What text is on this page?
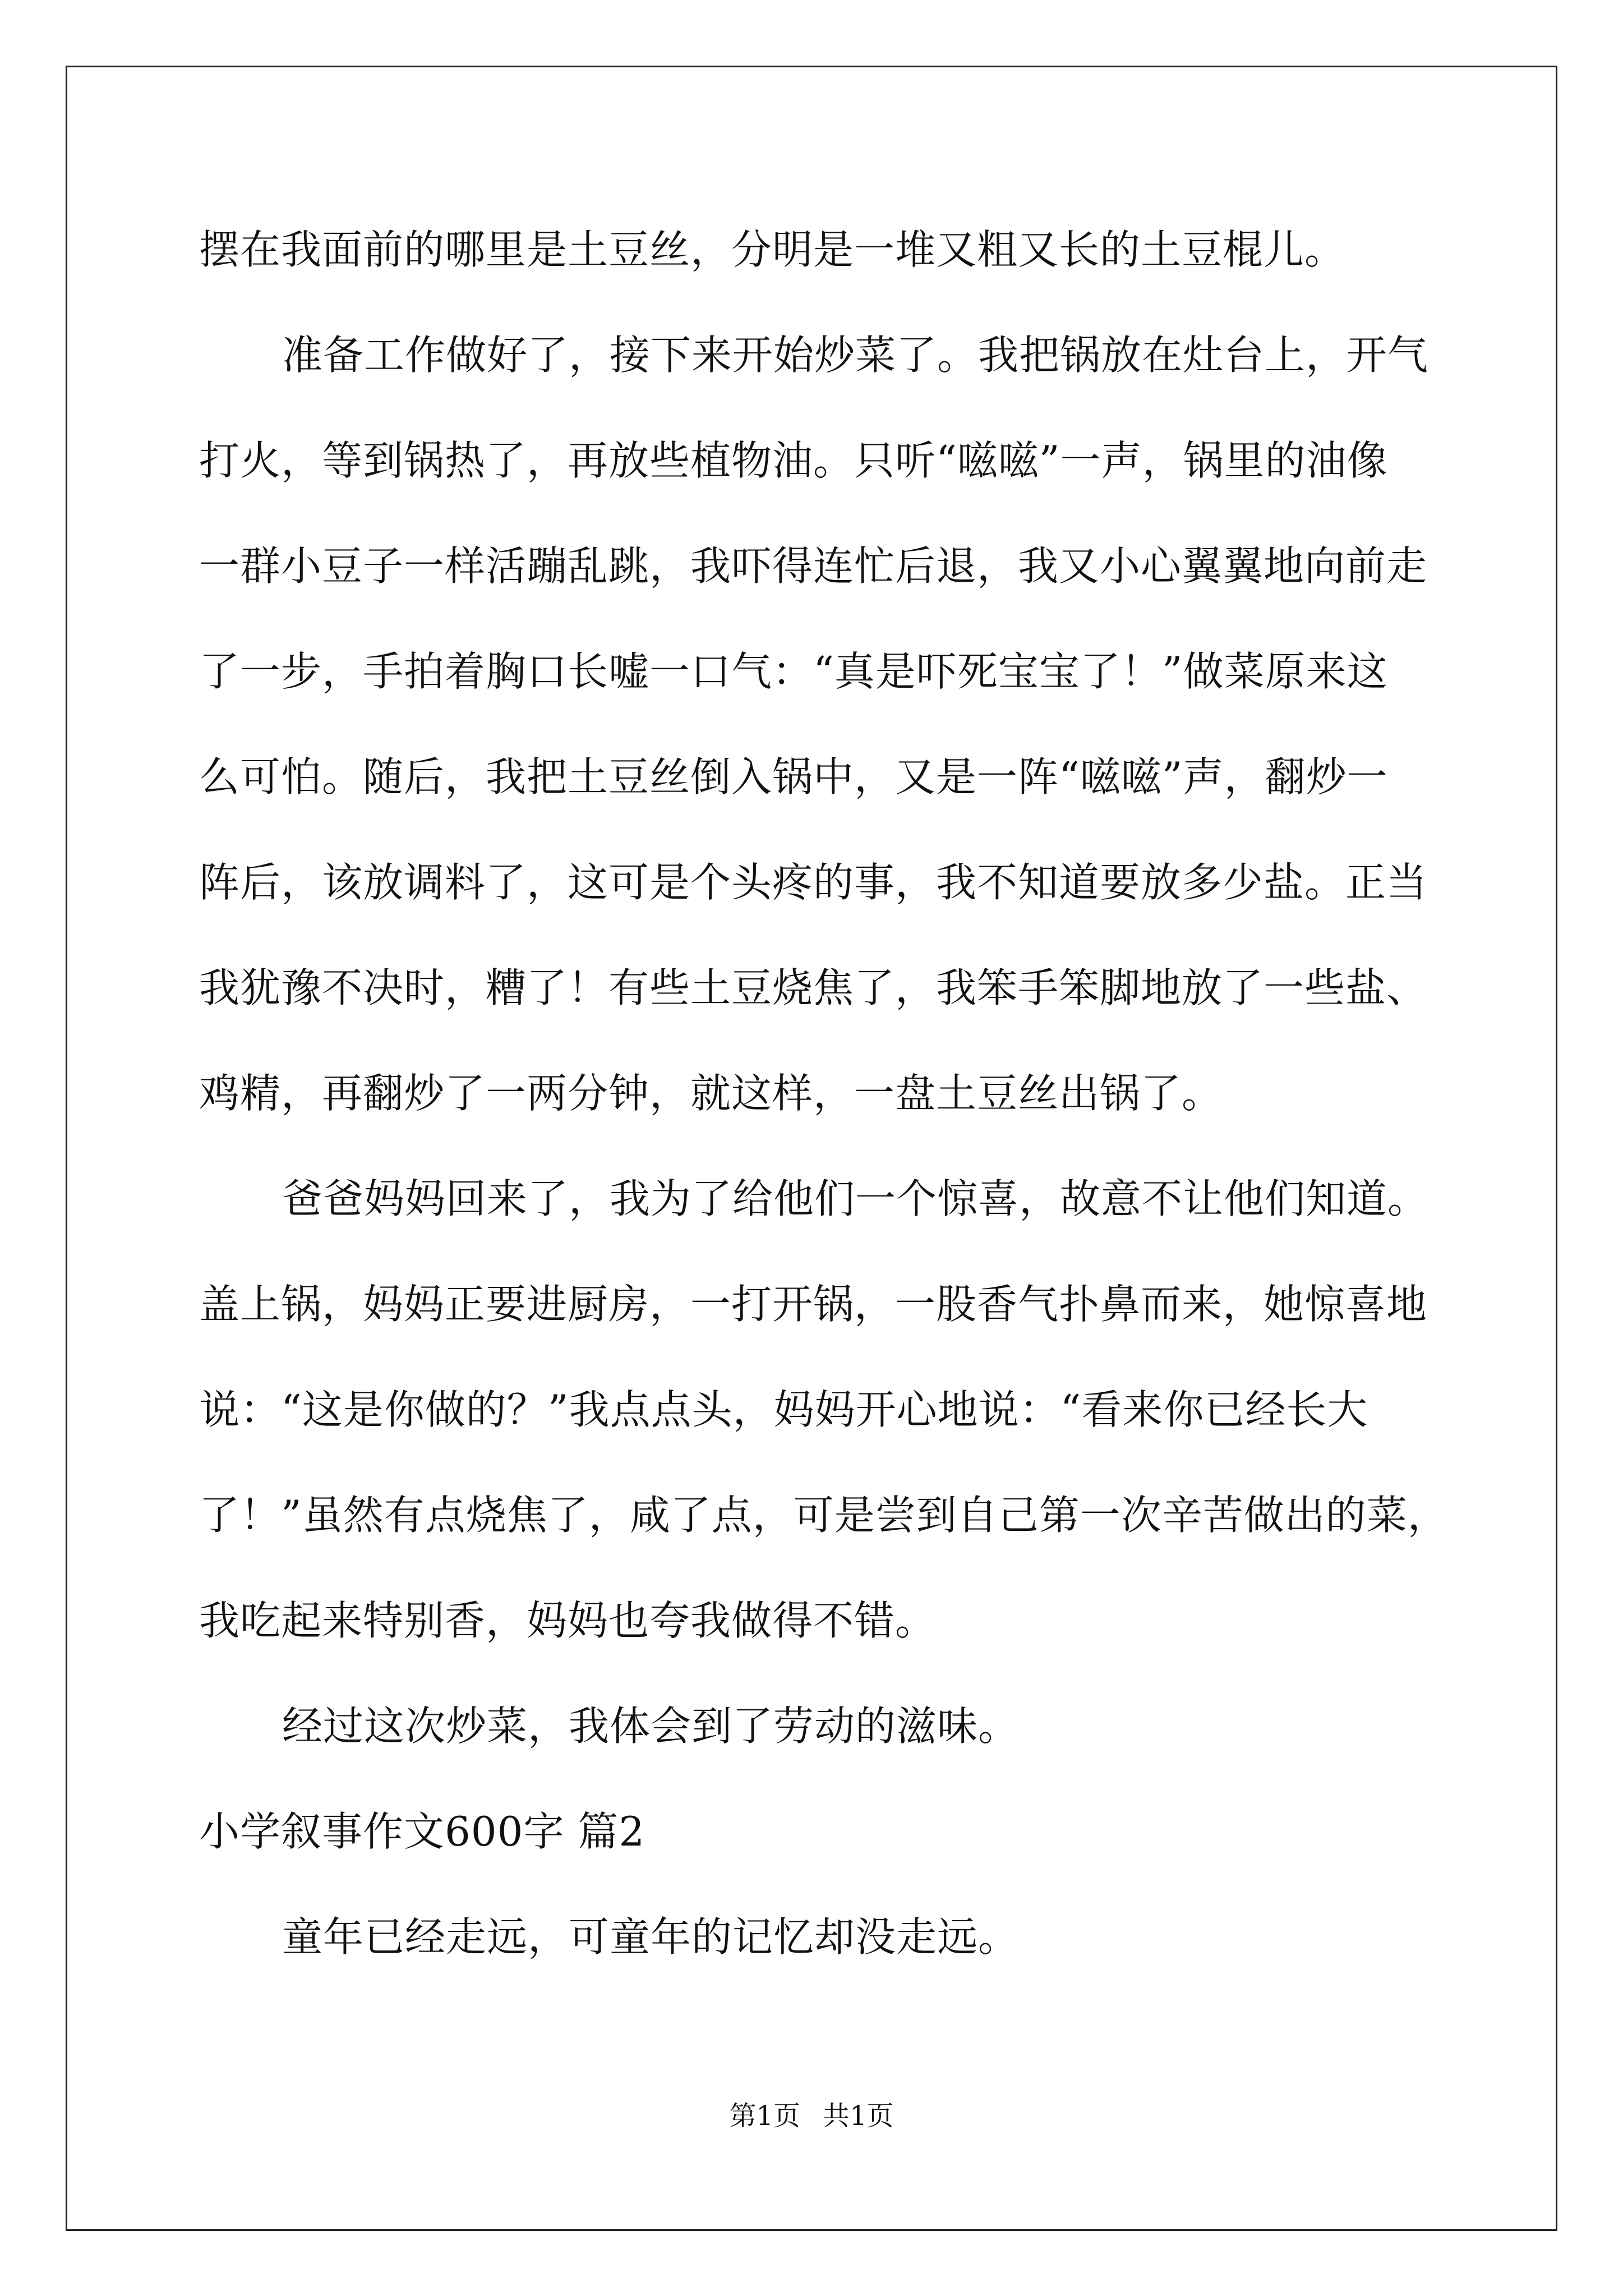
摆在我面前的哪里是土豆丝，分明是一堆又粗又长的土豆棍儿。
准备工作做好了，接下来开始炒菜了。我把锅放在灶台上，开气
打火，等到锅热了，再放些植物油。只听“嗞嗞”一声，锅里的油像
一群小豆子一样活蹦乱跳，我吓得连忙后退，我又小心翼翼地向前走
了一步，手拍着胸口长嘘一口气：“真是吓死宝宝了！”做菜原来这
么可怕。随后，我把土豆丝倒入锅中，又是一阵“嗞嗞”声，翻炒一
阵后，该放调料了，这可是个头疼的事，我不知道要放多少盐。正当
我犹豫不决时，糟了！有些土豆烧焦了，我笨手笨脚地放了一些盐、
鸡精，再翻炒了一两分钟，就这样，一盘土豆丝出锅了。
爸爸妈妈回来了，我为了给他们一个惊喜，故意不让他们知道。
盖上锅，妈妈正要进厨房，一打开锅，一股香气扑鼻而来，她惊喜地
说：“这是你做的？”我点点头，妈妈开心地说：“看来你已经长大
了！”虽然有点烧焦了，咸了点，可是尝到自己第一次辛苦做出的菜，
我吃起来特别香，妈妈也夸我做得不错。
经过这次炒菜，我体会到了劳动的滋味。
小学叙事作文600字 篇2
童年已经走远，可童年的记忆却没走远。
第1页 共1页
